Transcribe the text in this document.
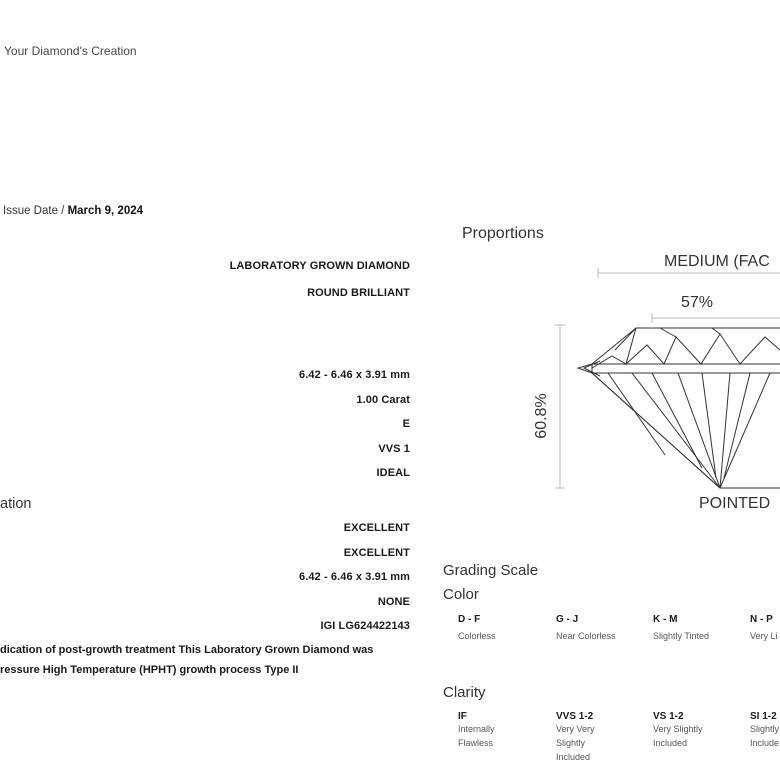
Your Diamond's Creation
Issue Date / March 9, 2024
LABORATORY GROWN DIAMOND
ROUND BRILLIANT
6.42 - 6.46 x 3.91 mm
1.00 Carat
E
VVS 1
IDEAL
ation
EXCELLENT
EXCELLENT
6.42 - 6.46 x 3.91 mm
NONE
IGI LG624422143
dication of post-growth treatment This Laboratory Grown Diamond was
ressure High Temperature (HPHT) growth process Type II
Proportions
MEDIUM (FAC
57%
60.8%
POINTED
Grading Scale
Color
D - F
Colorless
G - J
Near Colorless
K - M
Slightly Tinted
N - P
Very Li
Clarity
IF
Internally Flawless
VVS 1-2
Very Very Slightly Included
VS 1-2
Very Slightly Included
SI 1-2
Slightly Include
